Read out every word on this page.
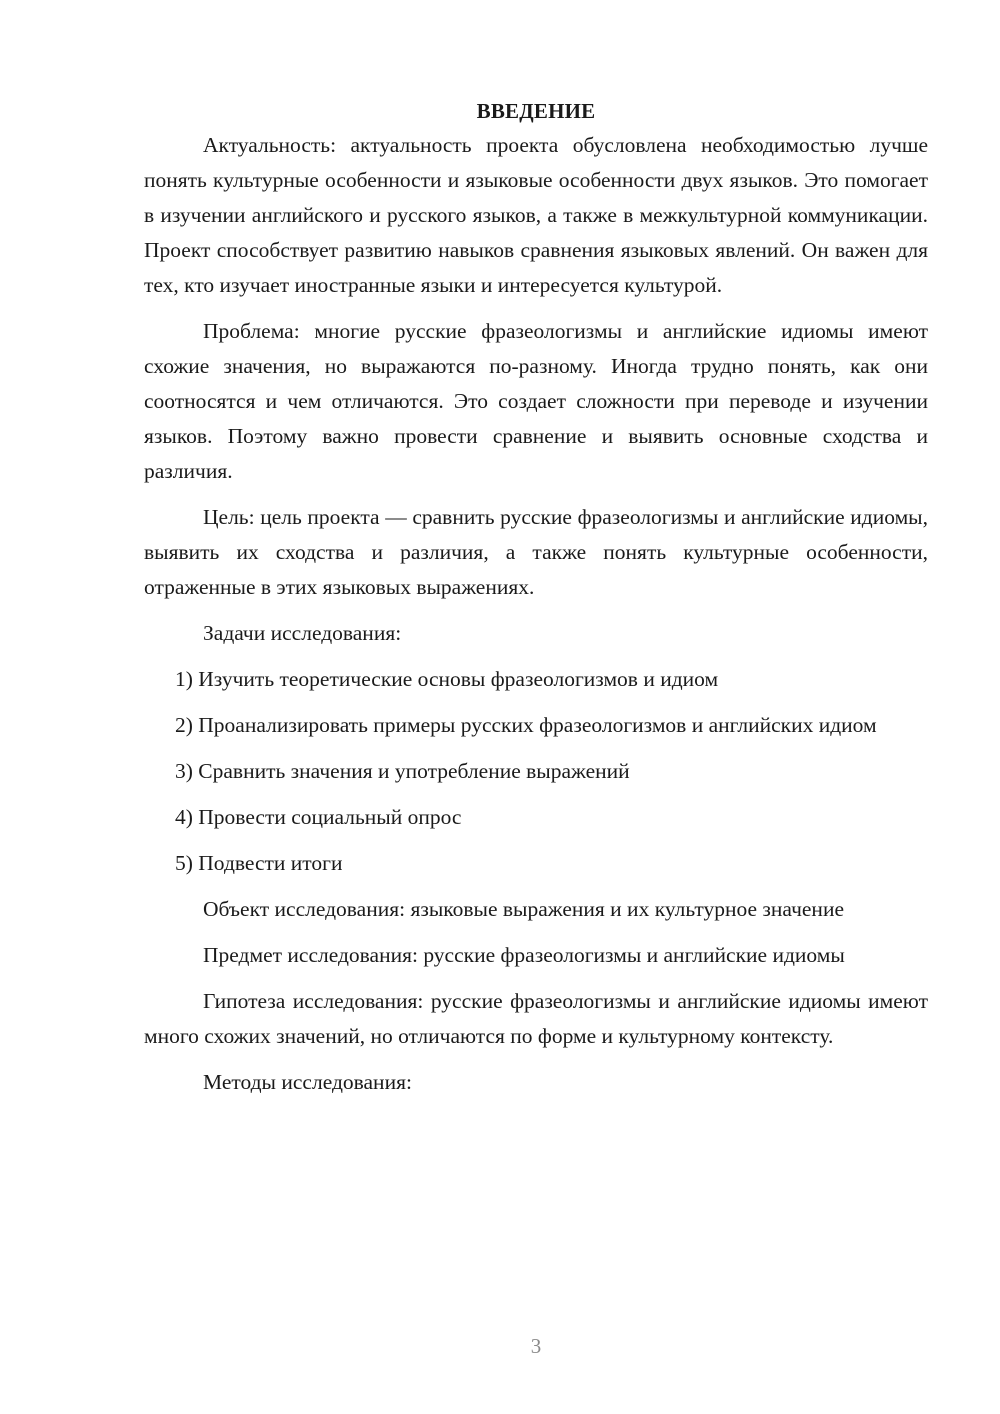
ВВЕДЕНИЕ

Актуальность: актуальность проекта обусловлена необходимостью лучше понять культурные особенности и языковые особенности двух языков. Это помогает в изучении английского и русского языков, а также в межкультурной коммуникации. Проект способствует развитию навыков сравнения языковых явлений. Он важен для тех, кто изучает иностранные языки и интересуется культурой.

Проблема: многие русские фразеологизмы и английские идиомы имеют схожие значения, но выражаются по-разному. Иногда трудно понять, как они соотносятся и чем отличаются. Это создает сложности при переводе и изучении языков. Поэтому важно провести сравнение и выявить основные сходства и различия.

Цель: цель проекта — сравнить русские фразеологизмы и английские идиомы, выявить их сходства и различия, а также понять культурные особенности, отраженные в этих языковых выражениях.

Задачи исследования:

1) Изучить теоретические основы фразеологизмов и идиом

2) Проанализировать примеры русских фразеологизмов и английских идиом

3) Сравнить значения и употребление выражений

4) Провести социальный опрос

5) Подвести итоги

Объект исследования: языковые выражения и их культурное значение

Предмет исследования: русские фразеологизмы и английские идиомы

Гипотеза исследования: русские фразеологизмы и английские идиомы имеют много схожих значений, но отличаются по форме и культурному контексту.

Методы исследования:

3
